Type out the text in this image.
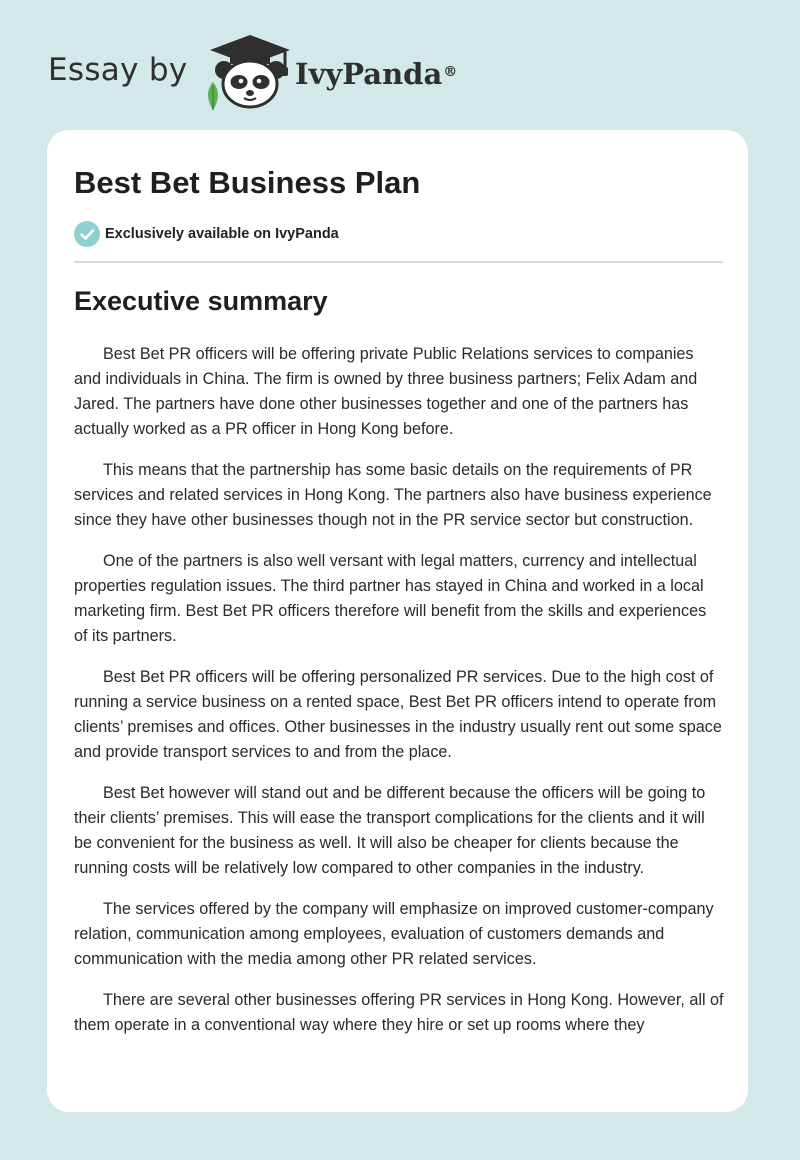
Essay by	IvyPanda®
Best Bet Business Plan
Exclusively available on IvyPanda
Executive summary

Best Bet PR officers will be offering private Public Relations services to companies and individuals in China. The firm is owned by three business partners; Felix Adam and Jared. The partners have done other businesses together and one of the partners has actually worked as a PR officer in Hong Kong before.

This means that the partnership has some basic details on the requirements of PR services and related services in Hong Kong. The partners also have business experience since they have other businesses though not in the PR service sector but construction.

One of the partners is also well versant with legal matters, currency and intellectual properties regulation issues. The third partner has stayed in China and worked in a local marketing firm. Best Bet PR officers therefore will benefit from the skills and experiences of its partners.

Best Bet PR officers will be offering personalized PR services. Due to the high cost of running a service business on a rented space, Best Bet PR officers intend to operate from clients’ premises and offices. Other businesses in the industry usually rent out some space and provide transport services to and from the place.

Best Bet however will stand out and be different because the officers will be going to their clients’ premises. This will ease the transport complications for the clients and it will be convenient for the business as well. It will also be cheaper for clients because the running costs will be relatively low compared to other companies in the industry.

The services offered by the company will emphasize on improved customer-company relation, communication among employees, evaluation of customers demands and communication with the media among other PR related services.

There are several other businesses offering PR services in Hong Kong. However, all of them operate in a conventional way where they hire or set up rooms where they
